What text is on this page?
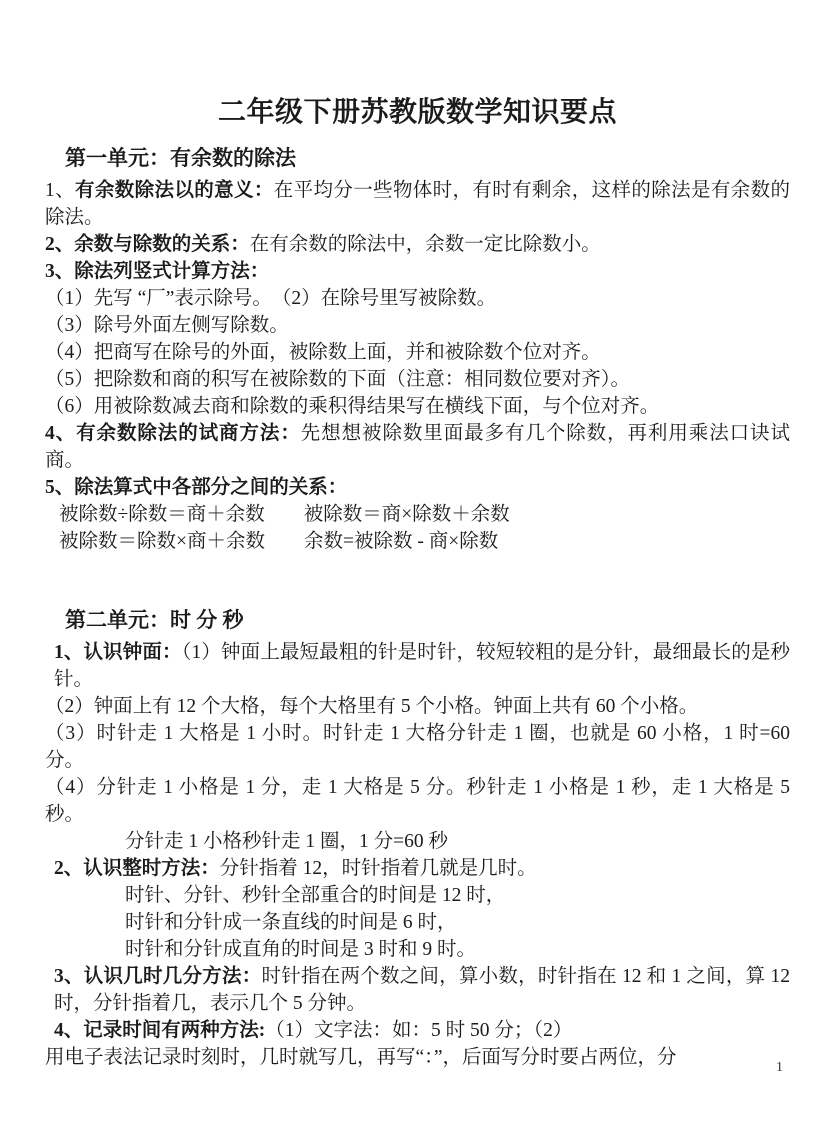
二年级下册苏教版数学知识要点
第一单元：有余数的除法

1、有余数除法以的意义：在平均分一些物体时，有时有剩余，这样的除法是有余数的除法。

2、余数与除数的关系：在有余数的除法中，余数一定比除数小。

3、除法列竖式计算方法：

（1）先写 “厂”表示除号。　（2）在除号里写被除数。

（3）除号外面左侧写除数。

（4）把商写在除号的外面，被除数上面，并和被除数个位对齐。

（5）把除数和商的积写在被除数的下面（注意：相同数位要对齐）。

（6）用被除数减去商和除数的乘积得结果写在横线下面，与个位对齐。

4、有余数除法的试商方法：先想想被除数里面最多有几个除数，再利用乘法口诀试商。

5、除法算式中各部分之间的关系：

被除数÷除数＝商＋余数　　被除数＝商×除数＋余数

被除数＝除数×商＋余数　　余数=被除数 - 商×除数

第二单元：时 分 秒

1、认识钟面：（1）钟面上最短最粗的针是时针，较短较粗的是分针，最细最长的是秒针。

（2）钟面上有 12 个大格，每个大格里有 5 个小格。钟面上共有 60 个小格。

（3）时针走 1 大格是 1 小时。时针走 1 大格分针走 1 圈，也就是 60 小格，1 时=60 分。

（4）分针走 1 小格是 1 分，走 1 大格是 5 分。秒针走 1 小格是 1 秒，走 1 大格是 5 秒。

分针走 1 小格秒针走 1 圈，1 分=60 秒

2、认识整时方法：分针指着 12，时针指着几就是几时。

时针、分针、秒针全部重合的时间是 12 时，

时针和分针成一条直线的时间是 6 时，

时针和分针成直角的时间是 3 时和 9 时。

3、认识几时几分方法：时针指在两个数之间，算小数，时针指在 12 和 1 之间，算 12 时，分针指着几，表示几个 5 分钟。

4、记录时间有两种方法:（1）文字法：如：5 时 50 分；（2）

用电子表法记录时刻时，几时就写几，再写“：”，后面写分时要占两位，分	1
